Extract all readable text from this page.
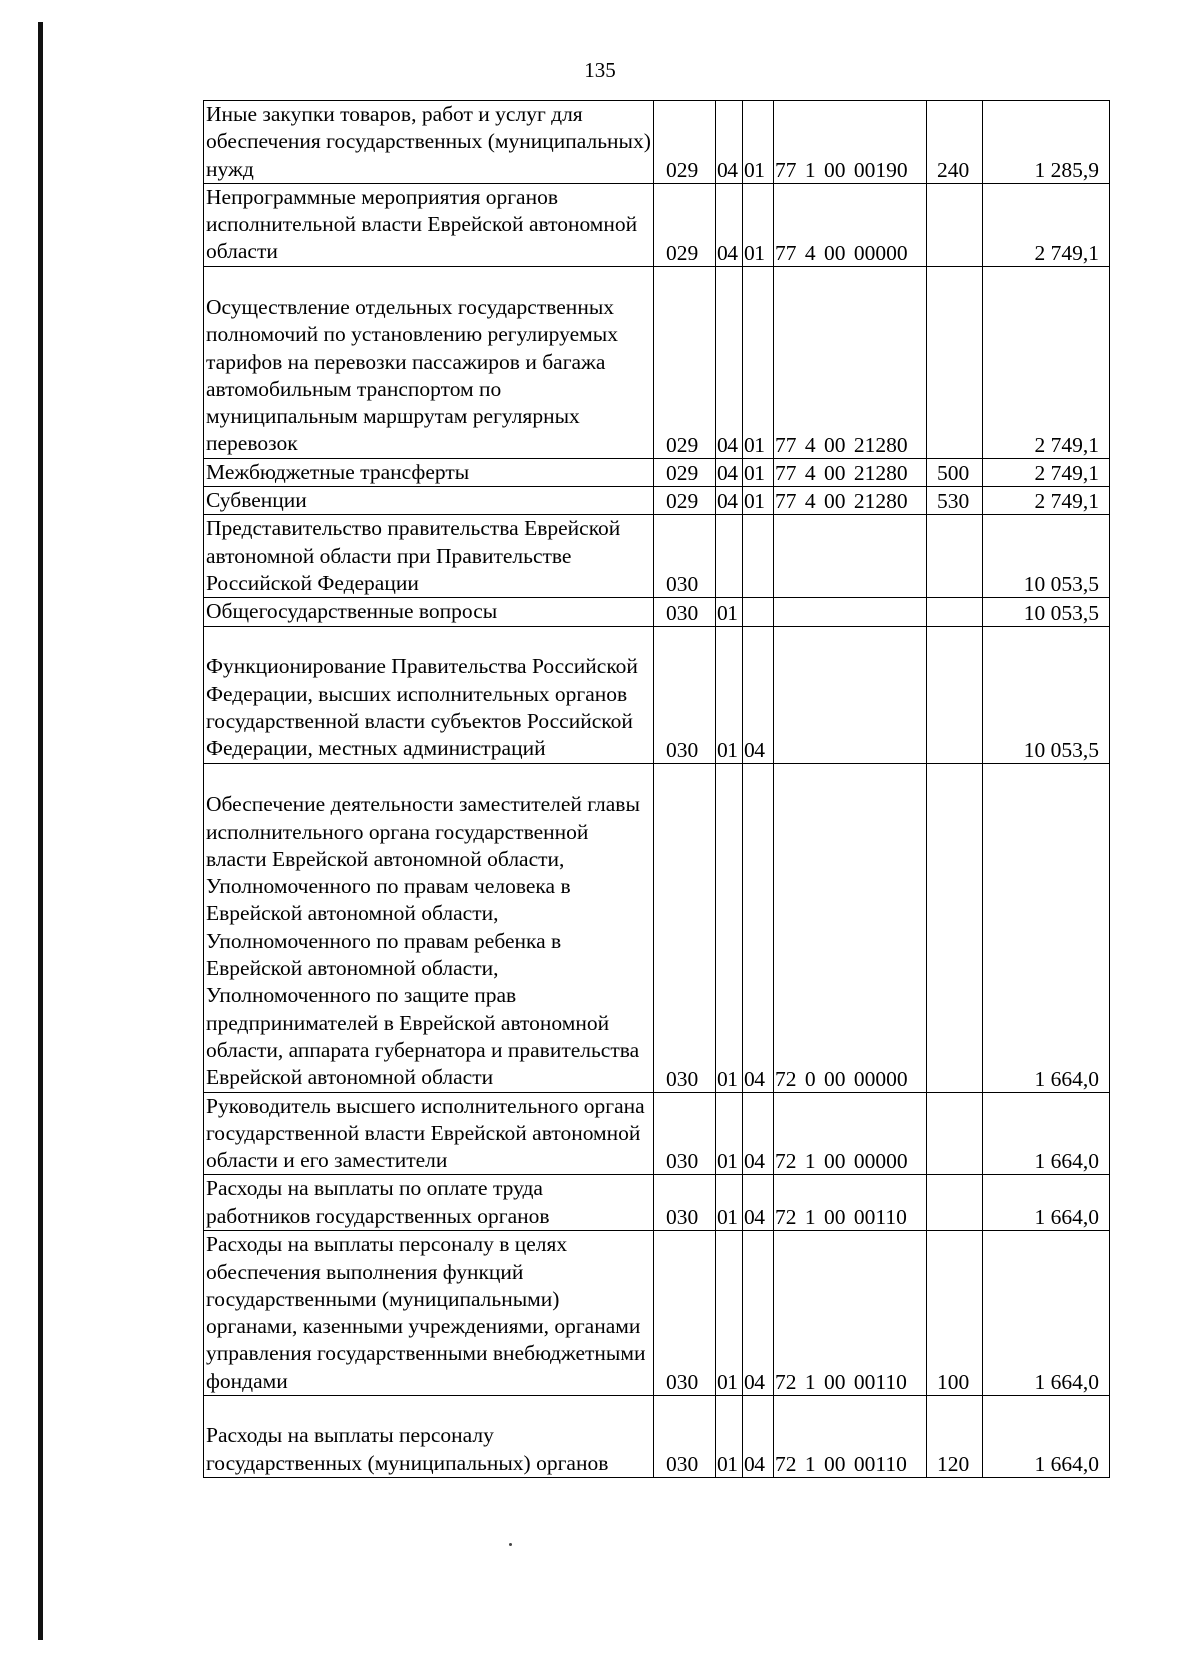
135
Иные закупки товаров, работ и услуг для обеспечения государственных (муниципальных) нужд	029	04	01	77 1 00 00190	240	1 285,9
Непрограммные мероприятия органов исполнительной власти Еврейской автономной области	029	04	01	77 4 00 00000		2 749,1
Осуществление отдельных государственных полномочий по установлению регулируемых тарифов на перевозки пассажиров и багажа автомобильным транспортом по муниципальным маршрутам регулярных перевозок	029	04	01	77 4 00 21280		2 749,1
Межбюджетные трансферты	029	04	01	77 4 00 21280	500	2 749,1
Субвенции	029	04	01	77 4 00 21280	530	2 749,1
Представительство правительства Еврейской автономной области при Правительстве Российской Федерации	030					10 053,5
Общегосударственные вопросы	030	01				10 053,5
Функционирование Правительства Российской Федерации, высших исполнительных органов государственной власти субъектов Российской Федерации, местных администраций	030	01	04			10 053,5
Обеспечение деятельности заместителей главы исполнительного органа государственной власти Еврейской автономной области, Уполномоченного по правам человека в Еврейской автономной области, Уполномоченного по правам ребенка в Еврейской автономной области, Уполномоченного по защите прав предпринимателей в Еврейской автономной области, аппарата губернатора и правительства Еврейской автономной области	030	01	04	72 0 00 00000		1 664,0
Руководитель высшего исполнительного органа государственной власти Еврейской автономной области и его заместители	030	01	04	72 1 00 00000		1 664,0
Расходы на выплаты по оплате труда работников государственных органов	030	01	04	72 1 00 00110		1 664,0
Расходы на выплаты персоналу в целях обеспечения выполнения функций государственными (муниципальными) органами, казенными учреждениями, органами управления государственными внебюджетными фондами	030	01	04	72 1 00 00110	100	1 664,0
Расходы на выплаты персоналу государственных (муниципальных) органов	030	01	04	72 1 00 00110	120	1 664,0
